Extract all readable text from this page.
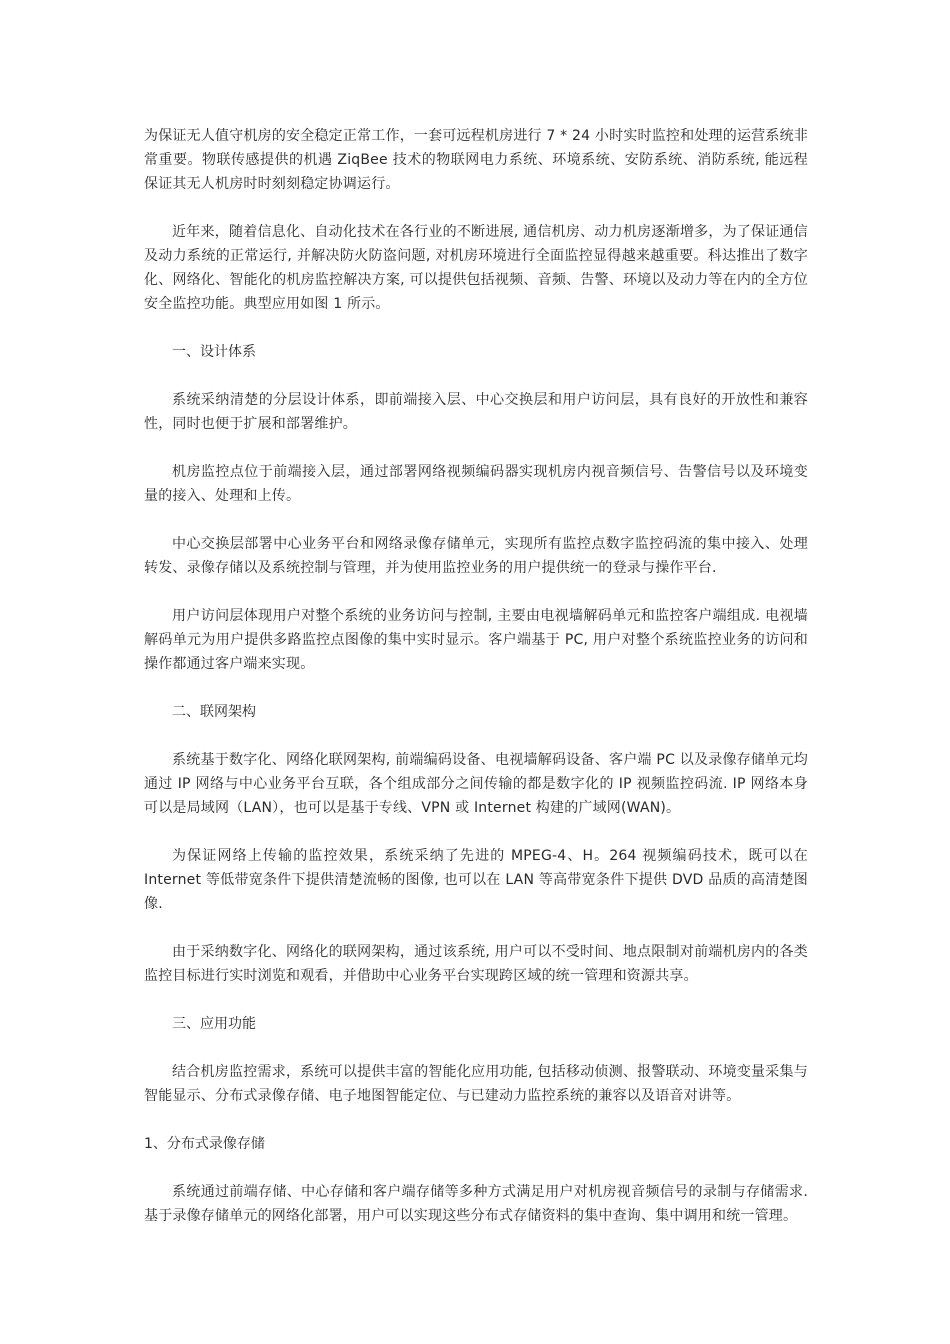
为保证无人值守机房的安全稳定正常工作，一套可远程机房进行 7 * 24 小时实时监控和处理的运营系统非常重要。物联传感提供的机遇 ZiqBee 技术的物联网电力系统、环境系统、安防系统、消防系统, 能远程保证其无人机房时时刻刻稳定协调运行。

近年来，随着信息化、自动化技术在各行业的不断进展, 通信机房、动力机房逐渐增多，为了保证通信及动力系统的正常运行, 并解决防火防盗问题, 对机房环境进行全面监控显得越来越重要。科达推出了数字化、网络化、智能化的机房监控解决方案, 可以提供包括视频、音频、告警、环境以及动力等在内的全方位安全监控功能。典型应用如图 1 所示。

一、设计体系

系统采纳清楚的分层设计体系，即前端接入层、中心交换层和用户访问层，具有良好的开放性和兼容性，同时也便于扩展和部署维护。

机房监控点位于前端接入层，通过部署网络视频编码器实现机房内视音频信号、告警信号以及环境变量的接入、处理和上传。

中心交换层部署中心业务平台和网络录像存储单元，实现所有监控点数字监控码流的集中接入、处理转发、录像存储以及系统控制与管理，并为使用监控业务的用户提供统一的登录与操作平台.

用户访问层体现用户对整个系统的业务访问与控制, 主要由电视墙解码单元和监控客户端组成. 电视墙解码单元为用户提供多路监控点图像的集中实时显示。客户端基于 PC, 用户对整个系统监控业务的访问和操作都通过客户端来实现。

二、联网架构

系统基于数字化、网络化联网架构, 前端编码设备、电视墙解码设备、客户端 PC 以及录像存储单元均通过 IP 网络与中心业务平台互联，各个组成部分之间传输的都是数字化的 IP 视频监控码流. IP 网络本身可以是局域网（LAN），也可以是基于专线、VPN 或 Internet 构建的广域网(WAN)。

为保证网络上传输的监控效果，系统采纳了先进的 MPEG-4、H。264 视频编码技术，既可以在 Internet 等低带宽条件下提供清楚流畅的图像, 也可以在 LAN 等高带宽条件下提供 DVD 品质的高清楚图像.

由于采纳数字化、网络化的联网架构，通过该系统, 用户可以不受时间、地点限制对前端机房内的各类监控目标进行实时浏览和观看，并借助中心业务平台实现跨区域的统一管理和资源共享。

三、应用功能

结合机房监控需求，系统可以提供丰富的智能化应用功能, 包括移动侦测、报警联动、环境变量采集与智能显示、分布式录像存储、电子地图智能定位、与已建动力监控系统的兼容以及语音对讲等。

1、分布式录像存储

系统通过前端存储、中心存储和客户端存储等多种方式满足用户对机房视音频信号的录制与存储需求. 基于录像存储单元的网络化部署，用户可以实现这些分布式存储资料的集中查询、集中调用和统一管理。
